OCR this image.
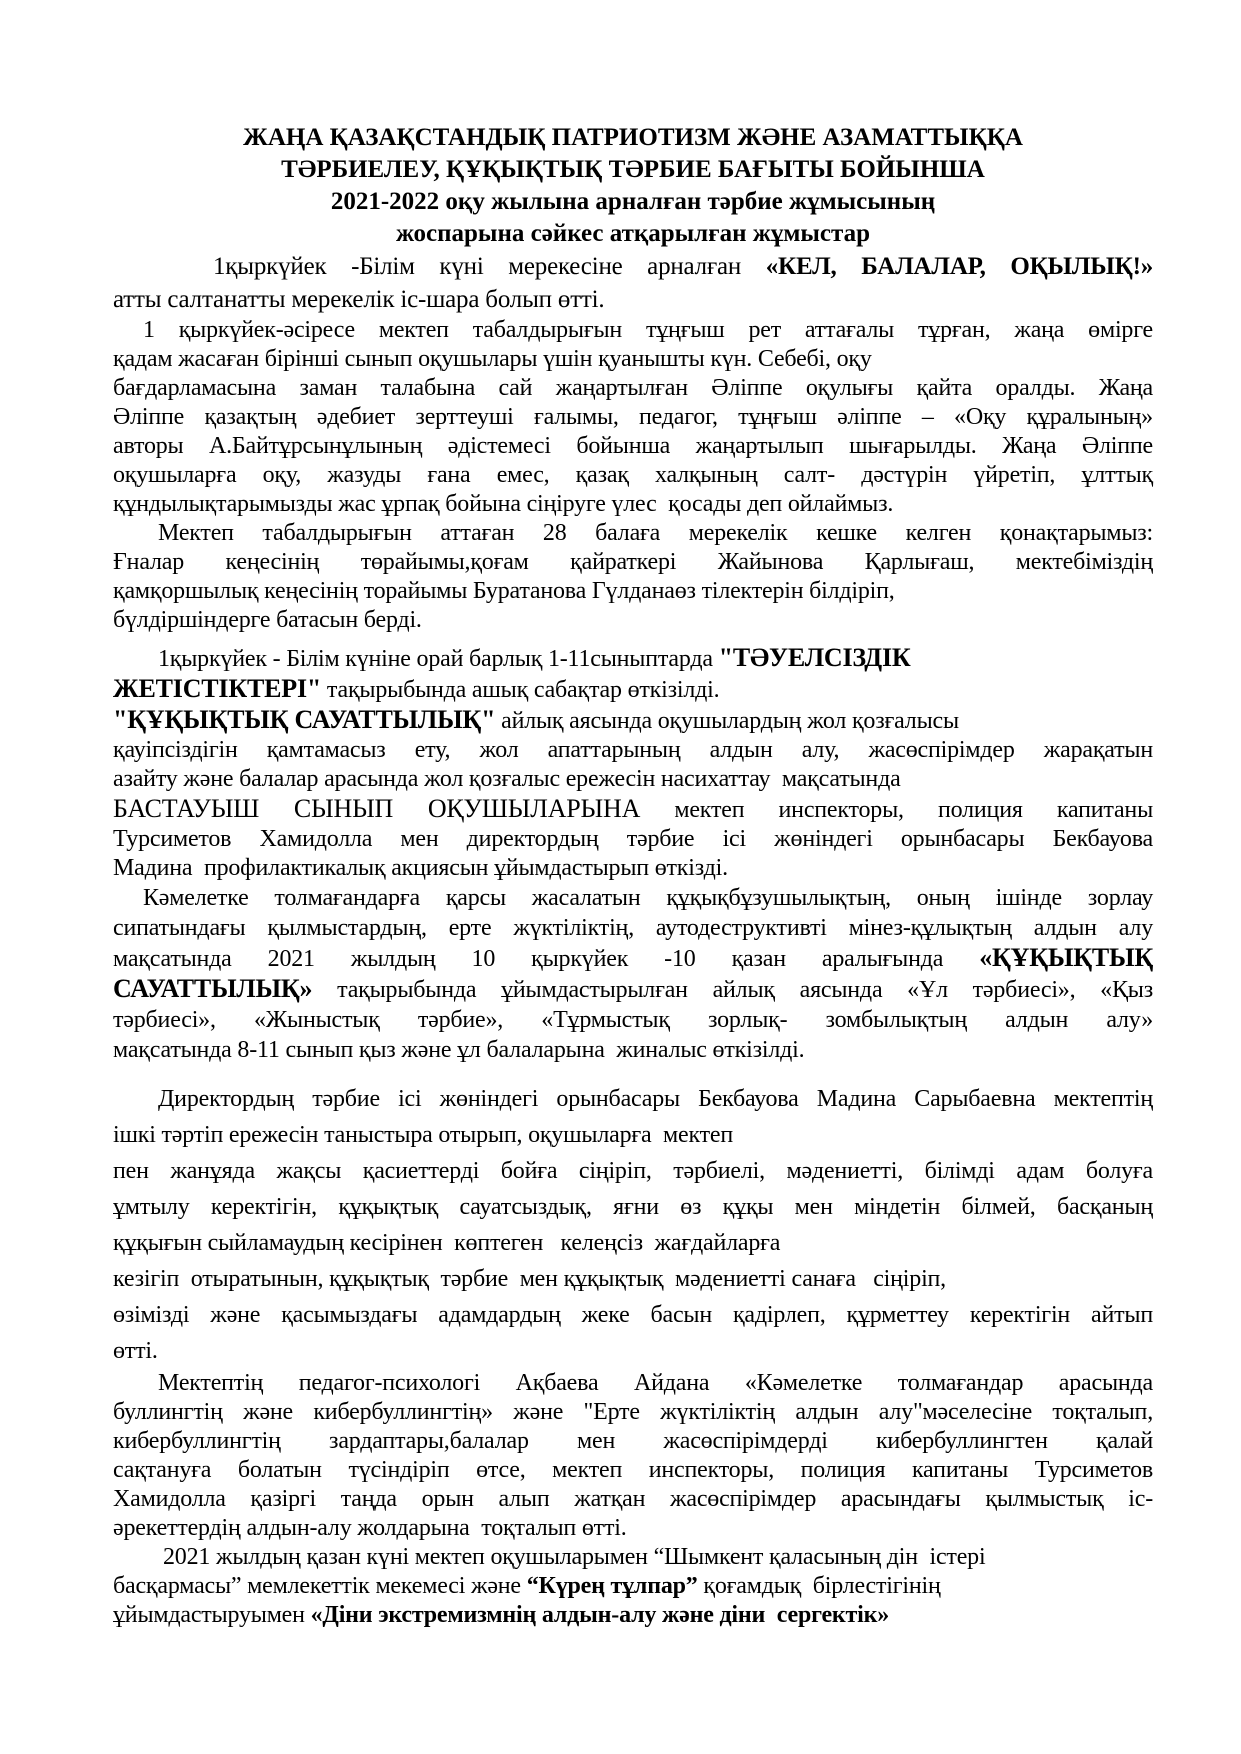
ЖАҢА ҚАЗАҚСТАНДЫҚ ПАТРИОТИЗМ ЖӘНЕ АЗАМАТТЫҚҚА
ТӘРБИЕЛЕУ, ҚҰҚЫҚТЫҚ ТӘРБИЕ БАҒЫТЫ БОЙЫНША
2021-2022 оқу жылына арналған тәрбие жұмысының
жоспарына сәйкес атқарылған жұмыстар
1қыркүйек -Білім күні мерекесіне арналған «КЕЛ, БАЛАЛАР, ОҚЫЛЫҚ!»
атты салтанатты мерекелік іс-шара болып өтті.
1 қыркүйек-әсіресе мектеп табалдырығын тұңғыш рет аттағалы тұрған, жаңа өмірге
қадам жасаған бірінші сынып оқушылары үшін қуанышты күн. Себебі, оқу
бағдарламасына заман талабына сай жаңартылған Әліппе оқулығы қайта оралды. Жаңа
Әліппе қазақтың әдебиет зерттеуші ғалымы, педагог, тұңғыш әліппе – «Оқу құралының»
авторы А.Байтұрсынұлының әдістемесі бойынша жаңартылып шығарылды. Жаңа Әліппе
оқушыларға оқу, жазуды ғана емес, қазақ халқының салт- дәстүрін үйретіп, ұлттық
құндылықтарымызды жас ұрпақ бойына сіңіруге үлес  қосады деп ойлаймыз.
Мектеп табалдырығын аттаған 28 балаға мерекелік кешке келген қонақтарымыз:
Ғналар кеңесінің төрайымы,қоғам қайраткері Жайынова Қарлығаш, мектебіміздің
қамқоршылық кеңесінің торайымы Буратанова Гүлданаөз тілектерін білдіріп,
бүлдіршіндерге батасын берді.
1қыркүйек - Білім күніне орай барлық 1-11сыныптарда "ТӘУЕЛСІЗДІК
ЖЕТІСТІКТЕРІ" тақырыбында ашық сабақтар өткізілді.
"ҚҰҚЫҚТЫҚ САУАТТЫЛЫҚ" айлық аясында оқушылардың жол қозғалысы
қауіпсіздігін қамтамасыз ету, жол апаттарының алдын алу, жасөспірімдер жарақатын
азайту және балалар арасында жол қозғалыс ережесін насихаттау  мақсатында
БАСТАУЫШ СЫНЫП ОҚУШЫЛАРЫНА мектеп инспекторы, полиция капитаны
Турсиметов Хамидолла мен директордың тәрбие ісі жөніндегі орынбасары Бекбауова
Мадина  профилактикалық акциясын ұйымдастырып өткізді.
Кәмелетке толмағандарға қарсы жасалатын құқықбұзушылықтың, оның ішінде зорлау
сипатындағы қылмыстардың, ерте жүктіліктің, аутодеструктивті мінез-құлықтың алдын алу
мақсатында 2021 жылдың 10 қыркүйек -10 қазан аралығында «ҚҰҚЫҚТЫҚ
САУАТТЫЛЫҚ» тақырыбында ұйымдастырылған айлық аясында «Ұл тәрбиесі», «Қыз
тәрбиесі», «Жыныстық тәрбие», «Тұрмыстық зорлық- зомбылықтың алдын алу»
мақсатында 8-11 сынып қыз және ұл балаларына  жиналыс өткізілді.
Директордың тәрбие ісі жөніндегі орынбасары Бекбауова Мадина Сарыбаевна мектептің
ішкі тәртіп ережесін таныстыра отырып, оқушыларға  мектеп
пен жанұяда жақсы қасиеттерді бойға сіңіріп, тәрбиелі, мәдениетті, білімді адам болуға
ұмтылу керектігін, құқықтық сауатсыздық, яғни өз құқы мен міндетін білмей, басқаның
құқығын сыйламаудың кесірінен  көптеген   келеңсіз  жағдайларға
кезігіп  отыратынын, құқықтық  тәрбие  мен құқықтық  мәдениетті санаға   сіңіріп,
өзімізді және қасымыздағы адамдардың жеке басын қадірлеп, құрметтеу керектігін айтып
өтті.
Мектептің педагог-психологі Ақбаева Айдана «Кәмелетке толмағандар арасында
буллингтің және кибербуллингтің» және "Ерте жүктіліктің алдын алу"мәселесіне тоқталып,
кибербуллингтің зардаптары,балалар мен жасөспірімдерді кибербуллингтен қалай
сақтануға болатын түсіндіріп өтсе, мектеп инспекторы, полиция капитаны Турсиметов
Хамидолла қазіргі таңда орын алып жатқан жасөспірімдер арасындағы қылмыстық іс-
әрекеттердің алдын-алу жолдарына  тоқталып өтті.
2021 жылдың қазан күні мектеп оқушыларымен “Шымкент қаласының дін  істері
басқармасы” мемлекеттік мекемесі және “Күрең тұлпар” қоғамдық  бірлестігінің
ұйымдастыруымен «Діни экстремизмнің алдын-алу және діни  сергектік»
